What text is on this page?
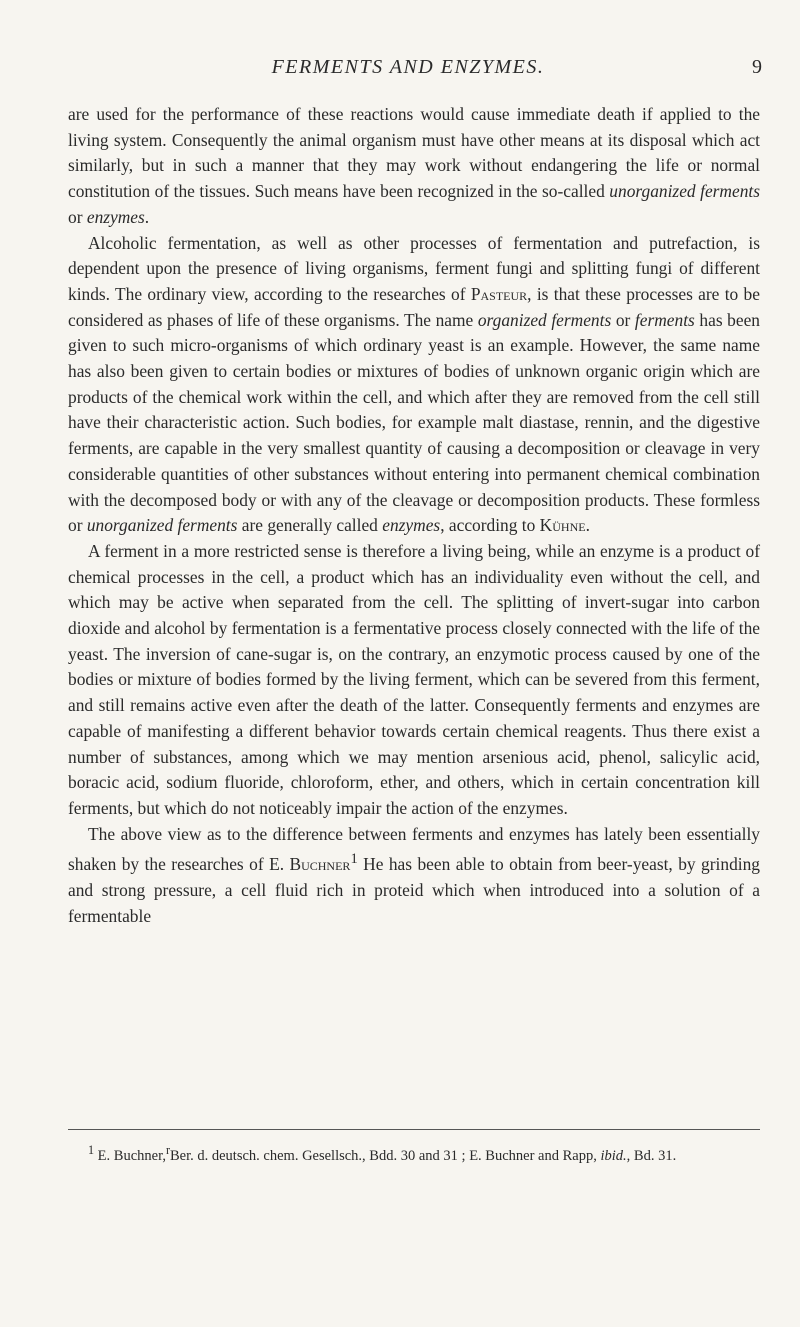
FERMENTS AND ENZYMES.	9

are used for the performance of these reactions would cause immediate death if applied to the living system. Consequently the animal organism must have other means at its disposal which act similarly, but in such a manner that they may work without endangering the life or normal constitution of the tissues. Such means have been recognized in the so-called unorganized ferments or enzymes.

Alcoholic fermentation, as well as other processes of fermentation and putrefaction, is dependent upon the presence of living organisms, ferment fungi and splitting fungi of different kinds. The ordinary view, according to the researches of Pasteur, is that these processes are to be considered as phases of life of these organisms. The name organized ferments or ferments has been given to such micro-organisms of which ordinary yeast is an example. However, the same name has also been given to certain bodies or mixtures of bodies of unknown organic origin which are products of the chemical work within the cell, and which after they are removed from the cell still have their characteristic action. Such bodies, for example malt diastase, rennin, and the digestive ferments, are capable in the very smallest quantity of causing a decomposition or cleavage in very considerable quantities of other substances without entering into permanent chemical combination with the decomposed body or with any of the cleavage or decomposition products. These formless or unorganized ferments are generally called enzymes, according to Kühne.

A ferment in a more restricted sense is therefore a living being, while an enzyme is a product of chemical processes in the cell, a product which has an individuality even without the cell, and which may be active when separated from the cell. The splitting of invert-sugar into carbon dioxide and alcohol by fermentation is a fermentative process closely connected with the life of the yeast. The inversion of cane-sugar is, on the contrary, an enzymotic process caused by one of the bodies or mixture of bodies formed by the living ferment, which can be severed from this ferment, and still remains active even after the death of the latter. Consequently ferments and enzymes are capable of manifesting a different behavior towards certain chemical reagents. Thus there exist a number of substances, among which we may mention arsenious acid, phenol, salicylic acid, boracic acid, sodium fluoride, chloroform, ether, and others, which in certain concentration kill ferments, but which do not noticeably impair the action of the enzymes.

The above view as to the difference between ferments and enzymes has lately been essentially shaken by the researches of E. Buchner$^1$ He has been able to obtain from beer-yeast, by grinding and strong pressure, a cell fluid rich in proteid which when introduced into a solution of a fermentable

$^1$ E. Buchner,$^r$Ber. d. deutsch. chem. Gesellsch., Bdd. 30 and 31 ; E. Buchner and Rapp, ibid., Bd. 31.
